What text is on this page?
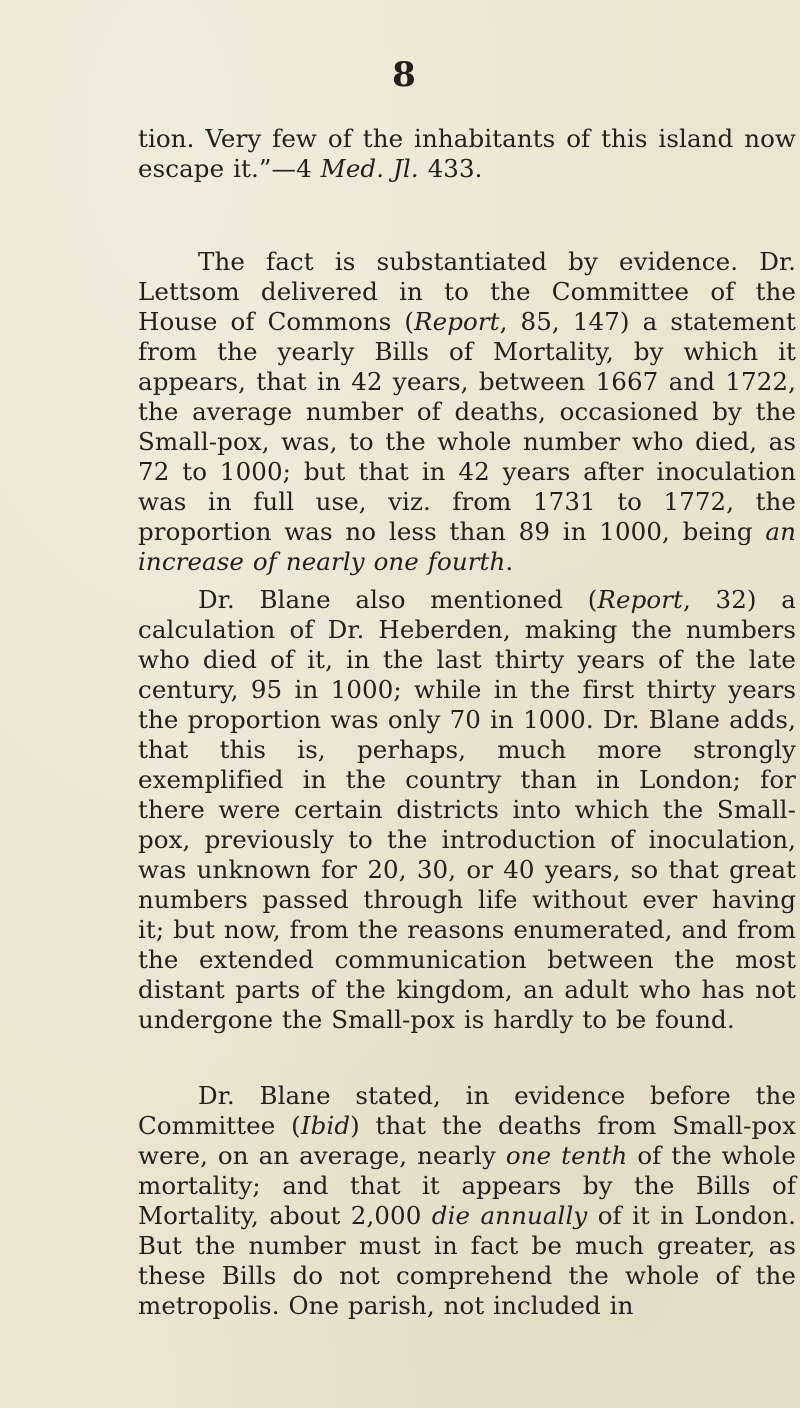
8

tion. Very few of the inhabitants of this island now escape it.”—4 Med. Jl. 433.

The fact is substantiated by evidence. Dr. Lettsom delivered in to the Committee of the House of Commons (Report, 85, 147) a statement from the yearly Bills of Mortality, by which it appears, that in 42 years, between 1667 and 1722, the average number of deaths, occasioned by the Small-pox, was, to the whole number who died, as 72 to 1000; but that in 42 years after inoculation was in full use, viz. from 1731 to 1772, the proportion was no less than 89 in 1000, being an increase of nearly one fourth.

Dr. Blane also mentioned (Report, 32) a calculation of Dr. Heberden, making the numbers who died of it, in the last thirty years of the late century, 95 in 1000; while in the first thirty years the proportion was only 70 in 1000. Dr. Blane adds, that this is, perhaps, much more strongly exemplified in the country than in London; for there were certain districts into which the Small-pox, previously to the introduction of inoculation, was unknown for 20, 30, or 40 years, so that great numbers passed through life without ever having it; but now, from the reasons enumerated, and from the extended communication between the most distant parts of the kingdom, an adult who has not undergone the Small-pox is hardly to be found.

Dr. Blane stated, in evidence before the Committee (Ibid) that the deaths from Small-pox were, on an average, nearly one tenth of the whole mortality; and that it appears by the Bills of Mortality, about 2,000 die annually of it in London. But the number must in fact be much greater, as these Bills do not comprehend the whole of the metropolis. One parish, not included in
